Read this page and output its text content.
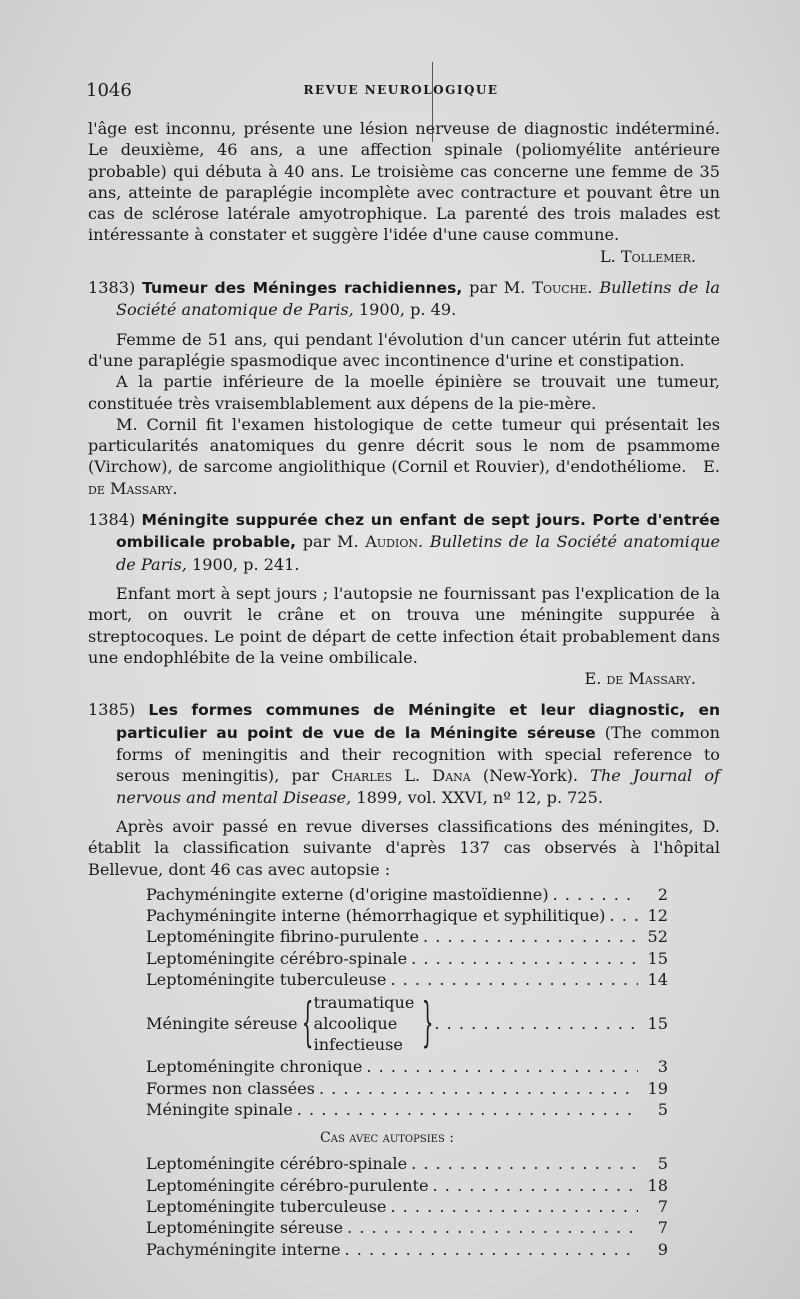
1046	REVUE NEUROLOGIQUE

l'âge est inconnu, présente une lésion nerveuse de diagnostic indéterminé. Le deuxième, 46 ans, a une affection spinale (poliomyélite antérieure probable) qui débuta à 40 ans. Le troisième cas concerne une femme de 35 ans, atteinte de paraplégie incomplète avec contracture et pouvant être un cas de sclérose latérale amyotrophique. La parenté des trois malades est intéressante à constater et suggère l'idée d'une cause commune.

L. Tollemer.

1383) Tumeur des Méninges rachidiennes, par M. Touche. Bulletins de la Société anatomique de Paris, 1900, p. 49.

Femme de 51 ans, qui pendant l'évolution d'un cancer utérin fut atteinte d'une paraplégie spasmodique avec incontinence d'urine et constipation.

A la partie inférieure de la moelle épinière se trouvait une tumeur, constituée très vraisemblablement aux dépens de la pie-mère.

M. Cornil fit l'examen histologique de cette tumeur qui présentait les particularités anatomiques du genre décrit sous le nom de psammome (Virchow), de sarcome angiolithique (Cornil et Rouvier), d'endothéliome. E. de Massary.

1384) Méningite suppurée chez un enfant de sept jours. Porte d'entrée ombilicale probable, par M. Audion. Bulletins de la Société anatomique de Paris, 1900, p. 241.

Enfant mort à sept jours ; l'autopsie ne fournissant pas l'explication de la mort, on ouvrit le crâne et on trouva une méningite suppurée à streptocoques. Le point de départ de cette infection était probablement dans une endophlébite de la veine ombilicale.

E. de Massary.

1385) Les formes communes de Méningite et leur diagnostic, en particulier au point de vue de la Méningite séreuse (The common forms of meningitis and their recognition with special reference to serous meningitis), par Charles L. Dana (New-York). The Journal of nervous and mental Disease, 1899, vol. XXVI, nº 12, p. 725.

Après avoir passé en revue diverses classifications des méningites, D. établit la classification suivante d'après 137 cas observés à l'hôpital Bellevue, dont 46 cas avec autopsie :

Pachyméningite externe (d'origine mastoïdienne) . . .	2
Pachyméningite interne (hémorrhagique et syphilitique) . . .	12
Leptoméningite fibrino-purulente . . .	52
Leptoméningite cérébro-spinale . . .	15
Leptoméningite tuberculeuse . . .	14
Méningite séreuse { traumatique
alcoolique
infectieuse } . . .	15
Leptoméningite chronique . . .	3
Formes non classées . . .	19
Méningite spinale . . .	5
Cas avec autopsies :
Leptoméningite cérébro-spinale . . .	5
Leptoméningite cérébro-purulente . . .	18
Leptoméningite tuberculeuse . . .	7
Leptoméningite séreuse . . .	7
Pachyméningite interne . . .	9
